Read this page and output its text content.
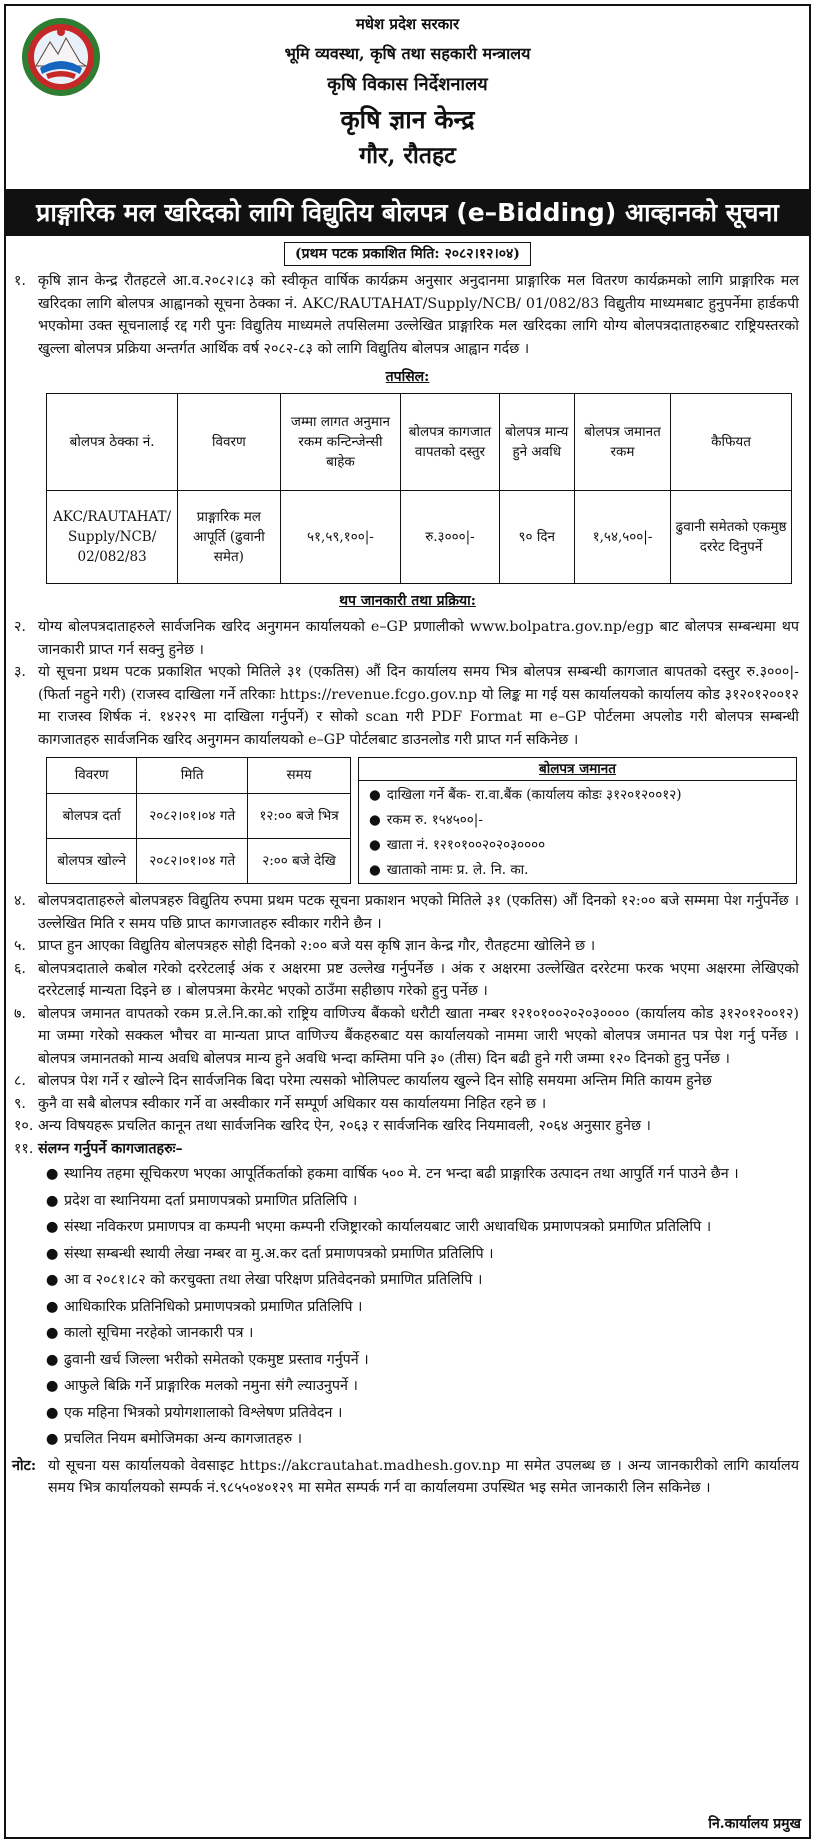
मधेश प्रदेश सरकार
भूमि व्यवस्था, कृषि तथा सहकारी मन्त्रालय
कृषि विकास निर्देशनालय
कृषि ज्ञान केन्द्र
गौर, रौतहट
प्राङ्गारिक मल खरिदको लागि विद्युतिय बोलपत्र (e–Bidding) आव्हानको सूचना
(प्रथम पटक प्रकाशित मिति: २०८२।१२।०४)
१. कृषि ज्ञान केन्द्र रौतहटले आ.व.२०८२।८३ को स्वीकृत वार्षिक कार्यक्रम अनुसार अनुदानमा प्राङ्गारिक मल वितरण कार्यक्रमको लागि प्राङ्गारिक मल खरिदका लागि बोलपत्र आह्वानको सूचना ठेक्का नं. AKC/RAUTAHAT/Supply/NCB/ 01/082/83 विद्युतीय माध्यमबाट हुनुपर्नेमा हार्डकपी भएकोमा उक्त सूचनालाई रद्द गरी पुनः विद्युतिय माध्यमले तपसिलमा उल्लेखित प्राङ्गारिक मल खरिदका लागि योग्य बोलपत्रदाताहरुबाट राष्ट्रियस्तरको खुल्ला बोलपत्र प्रक्रिया अन्तर्गत आर्थिक वर्ष २०८२-८३ को लागि विद्युतिय बोलपत्र आह्वान गर्दछ ।
तपसिल:
बोलपत्र ठेक्का नं.	विवरण	जम्मा लागत अनुमान रकम कन्टिन्जेन्सी बाहेक	बोलपत्र कागजात वापतको दस्तुर	बोलपत्र मान्य हुने अवधि	बोलपत्र जमानत रकम	कैफियत
AKC/RAUTAHAT/ Supply/NCB/ 02/082/83	प्राङ्गारिक मल आपूर्ति (ढुवानी समेत)	५१,५९,१००|-	रु.३०००|-	९० दिन	१,५४,५००|-	ढुवानी समेतको एकमुष्ठ दररेट दिनुपर्ने
थप जानकारी तथा प्रक्रिया:
२. योग्य बोलपत्रदाताहरुले सार्वजनिक खरिद अनुगमन कार्यालयको e–GP प्रणालीको www.bolpatra.gov.np/egp बाट बोलपत्र सम्बन्धमा थप जानकारी प्राप्त गर्न सक्नु हुनेछ ।
३. यो सूचना प्रथम पटक प्रकाशित भएको मितिले ३१ (एकतिस) औं दिन कार्यालय समय भित्र बोलपत्र सम्बन्धी कागजात बापतको दस्तुर रु.३०००|- (फिर्ता नहुने गरी) (राजस्व दाखिला गर्ने तरिकाः https://revenue.fcgo.gov.np यो लिङ्क मा गई यस कार्यालयको कार्यालय कोड ३१२०१२००१२ मा राजस्व शिर्षक नं. १४२२९ मा दाखिला गर्नुपर्ने) र सोको scan गरी PDF Format मा e–GP पोर्टलमा अपलोड गरी बोलपत्र सम्बन्धी कागजातहरु सार्वजनिक खरिद अनुगमन कार्यालयको e–GP पोर्टलबाट डाउनलोड गरी प्राप्त गर्न सकिनेछ ।
विवरण	मिति	समय
बोलपत्र दर्ता	२०८२।०१।०४ गते	१२:०० बजे भित्र
बोलपत्र खोल्ने	२०८२।०१।०४ गते	२:०० बजे देखि
बोलपत्र जमानत
● दाखिला गर्ने बैंक- रा.वा.बैंक (कार्यालय कोडः ३१२०१२००१२)
● रकम रु. १५४५००|-
● खाता नं. १२१०१००२०२०३००००
● खाताको नामः प्र. ले. नि. का.
४. बोलपत्रदाताहरुले बोलपत्रहरु विद्युतिय रुपमा प्रथम पटक सूचना प्रकाशन भएको मितिले ३१ (एकतिस) औं दिनको १२:०० बजे सम्ममा पेश गर्नुपर्नेछ । उल्लेखित मिति र समय पछि प्राप्त कागजातहरु स्वीकार गरीने छैन ।
५. प्राप्त हुन आएका विद्युतिय बोलपत्रहरु सोही दिनको २:०० बजे यस कृषि ज्ञान केन्द्र गौर, रौतहटमा खोलिने छ ।
६. बोलपत्रदाताले कबोल गरेको दररेटलाई अंक र अक्षरमा प्रष्ट उल्लेख गर्नुपर्नेछ । अंक र अक्षरमा उल्लेखित दररेटमा फरक भएमा अक्षरमा लेखिएको दररेटलाई मान्यता दिइने छ । बोलपत्रमा केरमेट भएको ठाउँमा सहीछाप गरेको हुनु पर्नेछ ।
७. बोलपत्र जमानत वापतको रकम प्र.ले.नि.का.को राष्ट्रिय वाणिज्य बैंकको धरौटी खाता नम्बर १२१०१००२०२०३०००० (कार्यालय कोड ३१२०१२००१२) मा जम्मा गरेको सक्कल भौचर वा मान्यता प्राप्त वाणिज्य बैंकहरुबाट यस कार्यालयको नाममा जारी भएको बोलपत्र जमानत पत्र पेश गर्नु पर्नेछ । बोलपत्र जमानतको मान्य अवधि बोलपत्र मान्य हुने अवधि भन्दा कम्तिमा पनि ३० (तीस) दिन बढी हुने गरी जम्मा १२० दिनको हुनु पर्नेछ ।
८. बोलपत्र पेश गर्ने र खोल्ने दिन सार्वजनिक बिदा परेमा त्यसको भोलिपल्ट कार्यालय खुल्ने दिन सोहि समयमा अन्तिम मिति कायम हुनेछ
९. कुनै वा सबै बोलपत्र स्वीकार गर्ने वा अस्वीकार गर्ने सम्पूर्ण अधिकार यस कार्यालयमा निहित रहने छ ।
१०. अन्य विषयहरू प्रचलित कानून तथा सार्वजनिक खरिद ऐन, २०६३ र सार्वजनिक खरिद नियमावली, २०६४ अनुसार हुनेछ ।
११. संलग्न गर्नुपर्ने कागजातहरुः–
● स्थानिय तहमा सूचिकरण भएका आपूर्तिकर्ताको हकमा वार्षिक ५०० मे. टन भन्दा बढी प्राङ्गारिक उत्पादन तथा आपुर्ति गर्न पाउने छैन ।
● प्रदेश वा स्थानियमा दर्ता प्रमाणपत्रको प्रमाणित प्रतिलिपि ।
● संस्था नविकरण प्रमाणपत्र वा कम्पनी भएमा कम्पनी रजिष्ट्रारको कार्यालयबाट जारी अधावधिक प्रमाणपत्रको प्रमाणित प्रतिलिपि ।
● संस्था सम्बन्धी स्थायी लेखा नम्बर वा मु.अ.कर दर्ता प्रमाणपत्रको प्रमाणित प्रतिलिपि ।
● आ व २०८१।८२ को करचुक्ता तथा लेखा परिक्षण प्रतिवेदनको प्रमाणित प्रतिलिपि ।
● आधिकारिक प्रतिनिधिको प्रमाणपत्रको प्रमाणित प्रतिलिपि ।
● कालो सूचिमा नरहेको जानकारी पत्र ।
● ढुवानी खर्च जिल्ला भरीको समेतको एकमुष्ट प्रस्ताव गर्नुपर्ने ।
● आफुले बिक्रि गर्ने प्राङ्गारिक मलको नमुना संगै ल्याउनुपर्ने ।
● एक महिना भित्रको प्रयोगशालाको विश्लेषण प्रतिवेदन ।
● प्रचलित नियम बमोजिमका अन्य कागजातहरु ।
नोट: यो सूचना यस कार्यालयको वेवसाइट https://akcrautahat.madhesh.gov.np मा समेत उपलब्ध छ । अन्य जानकारीको लागि कार्यालय समय भित्र कार्यालयको सम्पर्क नं.९८५५०४०१२९ मा समेत सम्पर्क गर्न वा कार्यालयमा उपस्थित भइ समेत जानकारी लिन सकिनेछ ।
नि.कार्यालय प्रमुख
